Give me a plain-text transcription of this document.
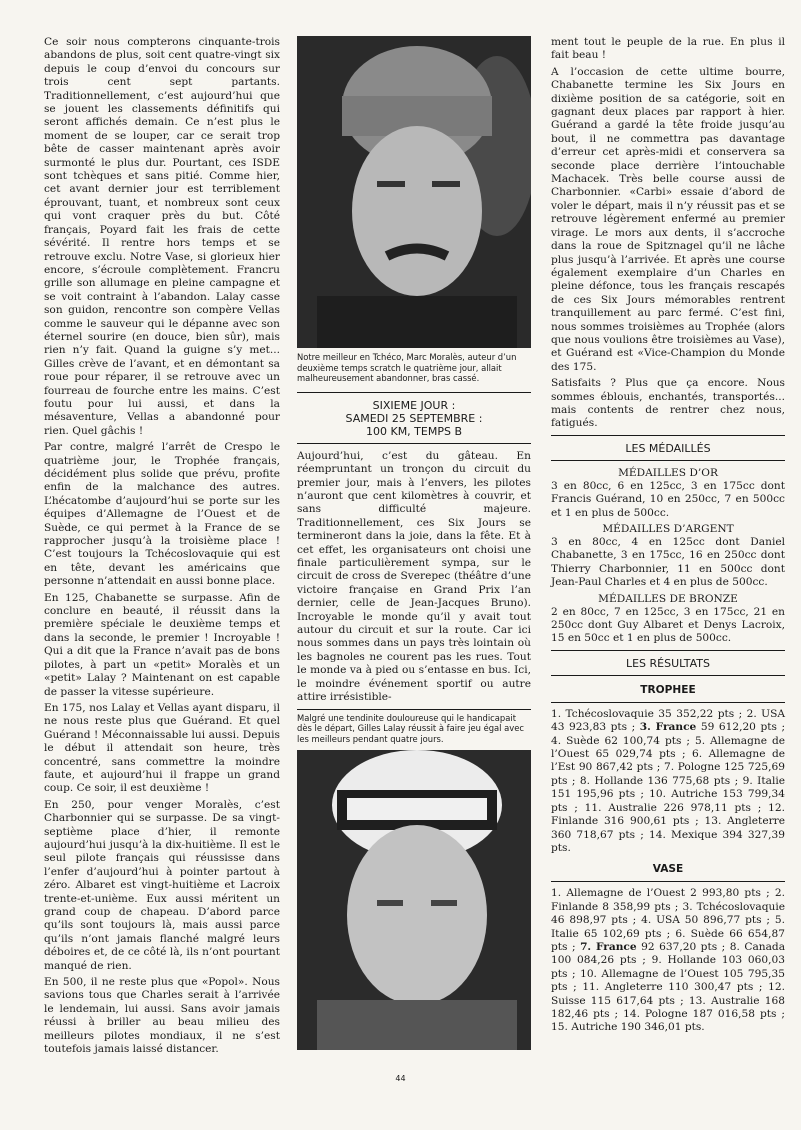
Ce soir nous compterons cinquante-trois abandons de plus, soit cent quatre-vingt six depuis le coup d’envoi du concours sur trois cent sept partants. Traditionnellement, c’est aujourd’hui que se jouent les classements définitifs qui seront affichés demain. Ce n’est plus le moment de se louper, car ce serait trop bête de casser maintenant après avoir surmonté le plus dur. Pourtant, ces ISDE sont tchèques et sans pitié. Comme hier, cet avant dernier jour est terriblement éprouvant, tuant, et nombreux sont ceux qui vont craquer près du but. Côté français, Poyard fait les frais de cette sévérité. Il rentre hors temps et se retrouve exclu. Notre Vase, si glorieux hier encore, s’écroule complètement. Francru grille son allumage en pleine campagne et se voit contraint à l’abandon. Lalay casse son guidon, rencontre son compère Vellas comme le sauveur qui le dépanne avec son éternel sourire (en douce, bien sûr), mais rien n’y fait. Quand la guigne s’y met... Gilles crève de l’avant, et en démontant sa roue pour réparer, il se retrouve avec un fourreau de fourche entre les mains. C’est foutu pour lui aussi, et dans la mésaventure, Vellas a abandonné pour rien. Quel gâchis !

Par contre, malgré l’arrêt de Crespo le quatrième jour, le Trophée français, décidément plus solide que prévu, profite enfin de la malchance des autres. L’hécatombe d’aujourd’hui se porte sur les équipes d’Allemagne de l’Ouest et de Suède, ce qui permet à la France de se rapprocher jusqu’à la troisième place ! C’est toujours la Tchécoslovaquie qui est en tête, devant les américains que personne n’attendait en aussi bonne place.

En 125, Chabanette se surpasse. Afin de conclure en beauté, il réussit dans la première spéciale le deuxième temps et dans la seconde, le premier ! Incroyable ! Qui a dit que la France n’avait pas de bons pilotes, à part un «petit» Moralès et un «petit» Lalay ? Maintenant on est capable de passer la vitesse supérieure.

En 175, nos Lalay et Vellas ayant disparu, il ne nous reste plus que Guérand. Et quel Guérand ! Méconnaissable lui aussi. Depuis le début il attendait son heure, très concentré, sans commettre la moindre faute, et aujourd’hui il frappe un grand coup. Ce soir, il est deuxième !

En 250, pour venger Moralès, c’est Charbonnier qui se surpasse. De sa vingt-septième place d’hier, il remonte aujourd’hui jusqu’à la dix-huitième. Il est le seul pilote français qui réussisse dans l’enfer d’aujourd’hui à pointer partout à zéro. Albaret est vingt-huitième et Lacroix trente-et-unième. Eux aussi méritent un grand coup de chapeau. D’abord parce qu’ils sont toujours là, mais aussi parce qu’ils n’ont jamais flanché malgré leurs déboires et, de ce côté là, ils n’ont pourtant manqué de rien.

En 500, il ne reste plus que «Popol». Nous savions tous que Charles serait à l’arrivée le lendemain, lui aussi. Sans avoir jamais réussi à briller au beau milieu des meilleurs pilotes mondiaux, il ne s’est toutefois jamais laissé distancer.

Notre meilleur en Tchéco, Marc Moralès, auteur d’un deuxième temps scratch le quatrième jour, allait malheureusement abandonner, bras cassé.
SIXIEME JOUR :
SAMEDI 25 SEPTEMBRE :
100 KM, TEMPS B

Aujourd’hui, c’est du gâteau. En réempruntant un tronçon du circuit du premier jour, mais à l’envers, les pilotes n’auront que cent kilomètres à couvrir, et sans difficulté majeure. Traditionnellement, ces Six Jours se termineront dans la joie, dans la fête. Et à cet effet, les organisateurs ont choisi une finale particulièrement sympa, sur le circuit de cross de Sverepec (théâtre d’une victoire française en Grand Prix l’an dernier, celle de Jean-Jacques Bruno). Incroyable le monde qu’il y avait tout autour du circuit et sur la route. Car ici nous sommes dans un pays très lointain où les bagnoles ne courent pas les rues. Tout le monde va à pied ou s’entasse en bus. Ici, le moindre événement sportif ou autre attire irrésistible-

Malgré une tendinite douloureuse qui le handicapait dès le départ, Gilles Lalay réussit à faire jeu égal avec les meilleurs pendant quatre jours.

ment tout le peuple de la rue. En plus il fait beau !

A l’occasion de cette ultime bourre, Chabanette termine les Six Jours en dixième position de sa catégorie, soit en gagnant deux places par rapport à hier. Guérand a gardé la tête froide jusqu’au bout, il ne commettra pas davantage d’erreur cet après-midi et conservera sa seconde place derrière l’intouchable Machacek. Très belle course aussi de Charbonnier. «Carbi» essaie d’abord de voler le départ, mais il n’y réussit pas et se retrouve légèrement enfermé au premier virage. Le mors aux dents, il s’accroche dans la roue de Spitznagel qu’il ne lâche plus jusqu’à l’arrivée. Et après une course également exemplaire d’un Charles en pleine défonce, tous les français rescapés de ces Six Jours mémorables rentrent tranquillement au parc fermé. C’est fini, nous sommes troisièmes au Trophée (alors que nous voulions être troisièmes au Vase), et Guérand est «Vice-Champion du Monde des 175.

Satisfaits ? Plus que ça encore. Nous sommes éblouis, enchantés, transportés... mais contents de rentrer chez nous, fatigués.

LES MÉDAILLÉS
MÉDAILLES D’OR

3 en 80cc, 6 en 125cc, 3 en 175cc dont Francis Guérand, 10 en 250cc, 7 en 500cc et 1 en plus de 500cc.

MÉDAILLES D’ARGENT

3 en 80cc, 4 en 125cc dont Daniel Chabanette, 3 en 175cc, 16 en 250cc dont Thierry Charbonnier, 11 en 500cc dont Jean-Paul Charles et 4 en plus de 500cc.

MÉDAILLES DE BRONZE

2 en 80cc, 7 en 125cc, 3 en 175cc, 21 en 250cc dont Guy Albaret et Denys Lacroix, 15 en 50cc et 1 en plus de 500cc.

LES RÉSULTATS
TROPHEE

1. Tchécoslovaquie 35 352,22 pts ; 2. USA 43 923,83 pts ; 3. France 59 612,20 pts ; 4. Suède 62 100,74 pts ; 5. Allemagne de l’Ouest 65 029,74 pts ; 6. Allemagne de l’Est 90 867,42 pts ; 7. Pologne 125 725,69 pts ; 8. Hollande 136 775,68 pts ; 9. Italie 151 195,96 pts ; 10. Autriche 153 799,34 pts ; 11. Australie 226 978,11 pts ; 12. Finlande 316 900,61 pts ; 13. Angleterre 360 718,67 pts ; 14. Mexique 394 327,39 pts.

VASE

1. Allemagne de l’Ouest 2 993,80 pts ; 2. Finlande 8 358,99 pts ; 3. Tchécoslovaquie 46 898,97 pts ; 4. USA 50 896,77 pts ; 5. Italie 65 102,69 pts ; 6. Suède 66 654,87 pts ; 7. France 92 637,20 pts ; 8. Canada 100 084,26 pts ; 9. Hollande 103 060,03 pts ; 10. Allemagne de l’Ouest 105 795,35 pts ; 11. Angleterre 110 300,47 pts ; 12. Suisse 115 617,64 pts ; 13. Australie 168 182,46 pts ; 14. Pologne 187 016,58 pts ; 15. Autriche 190 346,01 pts.

44
